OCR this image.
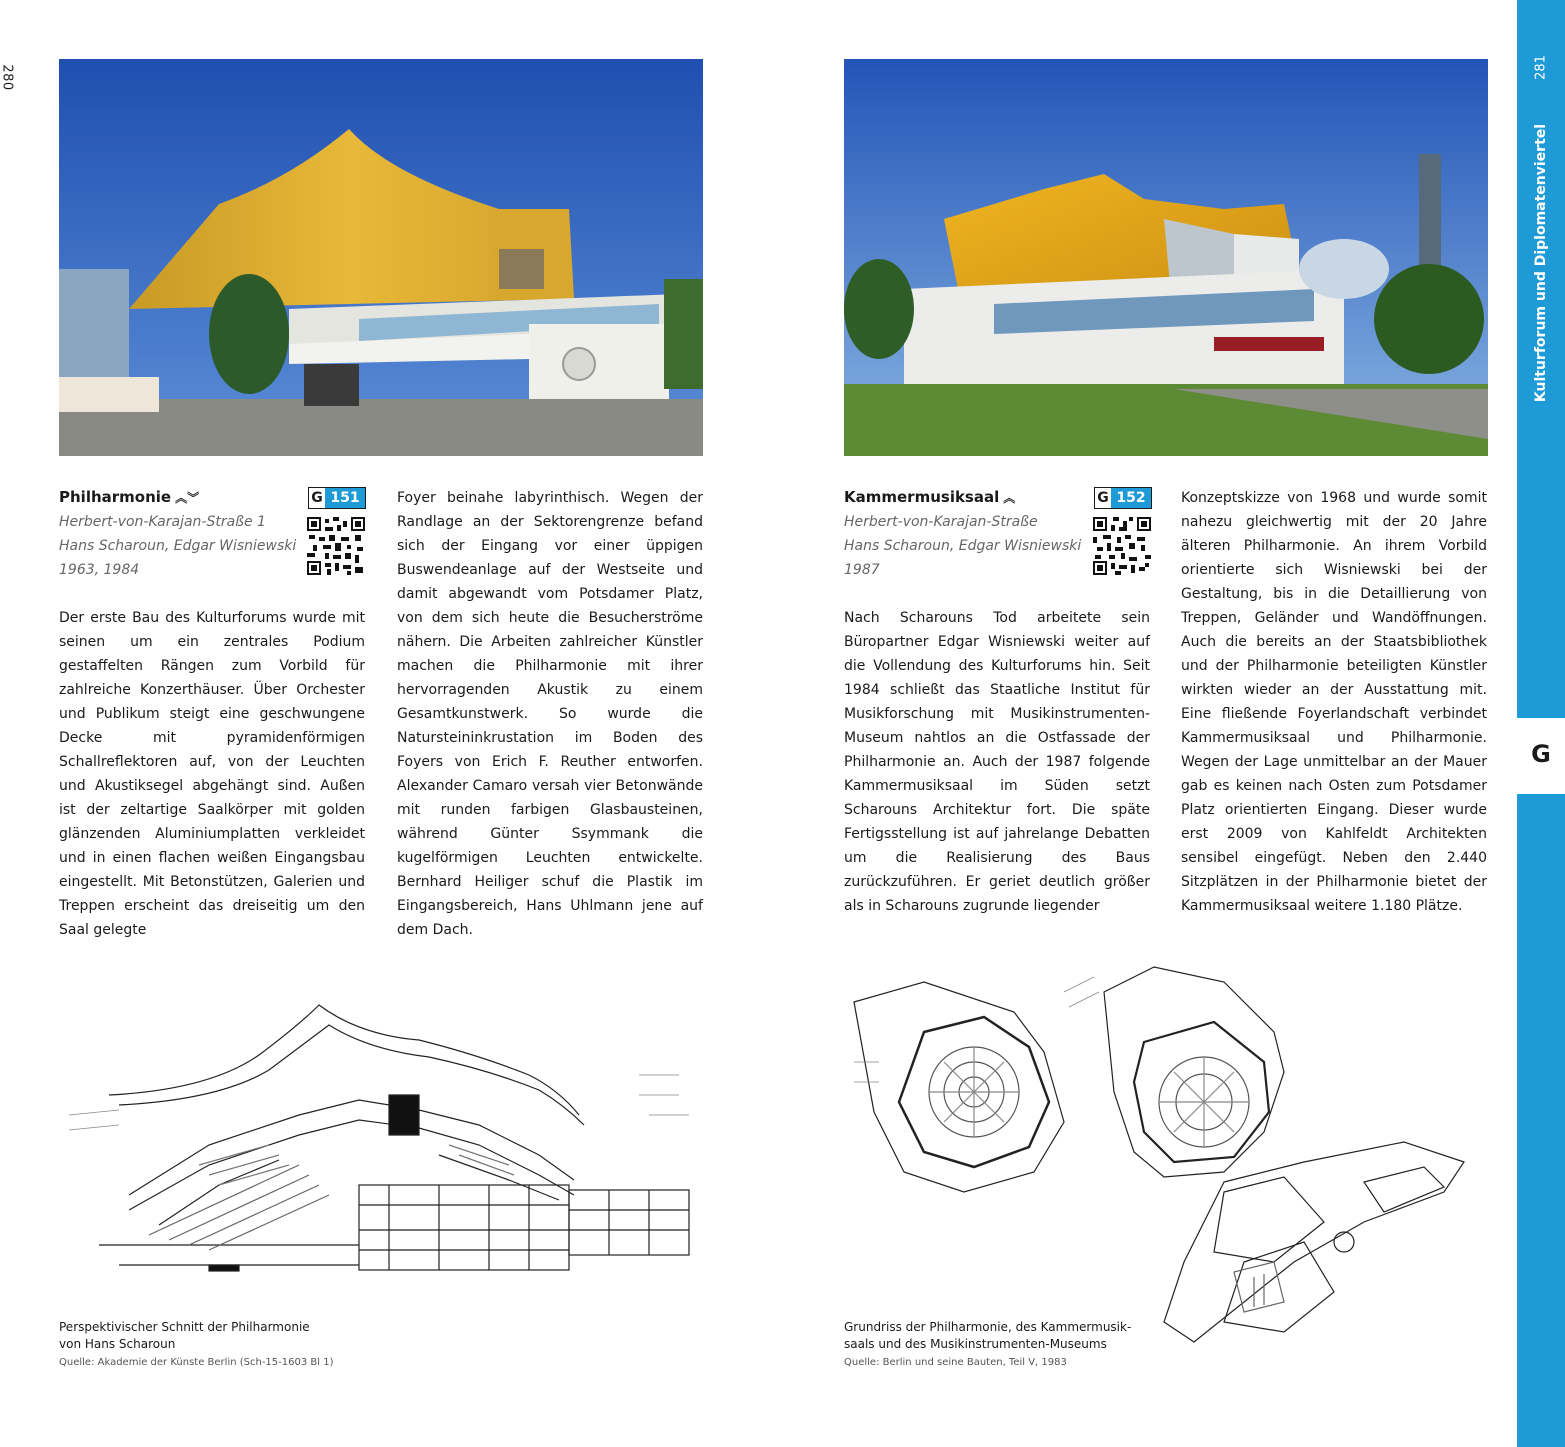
280	281
Kulturforum und Diplomatenviertel
G
Philharmonie ︽︾	G 151
Herbert-von-Karajan-Straße 1
Hans Scharoun, Edgar Wisniewski
1963, 1984
Der erste Bau des Kulturforums wurde mit seinen um ein zentrales Podium gestaffelten Rängen zum Vorbild für zahlreiche Konzerthäuser. Über Orchester und Publikum steigt eine geschwungene Decke mit pyramidenförmigen Schallreflektoren auf, von der Leuchten und Akustiksegel abgehängt sind. Außen ist der zeltartige Saalkörper mit golden glänzenden Aluminiumplatten verkleidet und in einen flachen weißen Eingangsbau eingestellt. Mit Betonstützen, Galerien und Treppen erscheint das dreiseitig um den Saal gelegte
Foyer beinahe labyrinthisch. Wegen der Randlage an der Sektorengrenze befand sich der Eingang vor einer üppigen Buswendeanlage auf der Westseite und damit abgewandt vom Potsdamer Platz, von dem sich heute die Besucherströme nähern. Die Arbeiten zahlreicher Künstler machen die Philharmonie mit ihrer hervorragenden Akustik zu einem Gesamtkunstwerk. So wurde die Natursteininkrustation im Boden des Foyers von Erich F. Reuther entworfen. Alexander Camaro versah vier Betonwände mit runden farbigen Glasbausteinen, während Günter Ssymmank die kugelförmigen Leuchten entwickelte. Bernhard Heiliger schuf die Plastik im Eingangsbereich, Hans Uhlmann jene auf dem Dach.
Kammermusiksaal ︽	G 152
Herbert-von-Karajan-Straße
Hans Scharoun, Edgar Wisniewski
1987
Nach Scharouns Tod arbeitete sein Büropartner Edgar Wisniewski weiter auf die Vollendung des Kulturforums hin. Seit 1984 schließt das Staatliche Institut für Musikforschung mit Musikinstrumenten-Museum nahtlos an die Ostfassade der Philharmonie an. Auch der 1987 folgende Kammermusiksaal im Süden setzt Scharouns Architektur fort. Die späte Fertigsstellung ist auf jahrelange Debatten um die Realisierung des Baus zurückzuführen. Er geriet deutlich größer als in Scharouns zugrunde liegender
Konzeptskizze von 1968 und wurde somit nahezu gleichwertig mit der 20 Jahre älteren Philharmonie. An ihrem Vorbild orientierte sich Wisniewski bei der Gestaltung, bis in die Detaillierung von Treppen, Geländer und Wandöffnungen. Auch die bereits an der Staatsbibliothek und der Philharmonie beteiligten Künstler wirkten wieder an der Ausstattung mit. Eine fließende Foyerlandschaft verbindet Kammermusiksaal und Philharmonie. Wegen der Lage unmittelbar an der Mauer gab es keinen nach Osten zum Potsdamer Platz orientierten Eingang. Dieser wurde erst 2009 von Kahlfeldt Architekten sensibel eingefügt. Neben den 2.440 Sitzplätzen in der Philharmonie bietet der Kammermusiksaal weitere 1.180 Plätze.
Perspektivischer Schnitt der Philharmonie
von Hans Scharoun
Quelle: Akademie der Künste Berlin (Sch-15-1603 Bl 1)
Grundriss der Philharmonie, des Kammermusik-
saals und des Musikinstrumenten-Museums
Quelle: Berlin und seine Bauten, Teil V, 1983
